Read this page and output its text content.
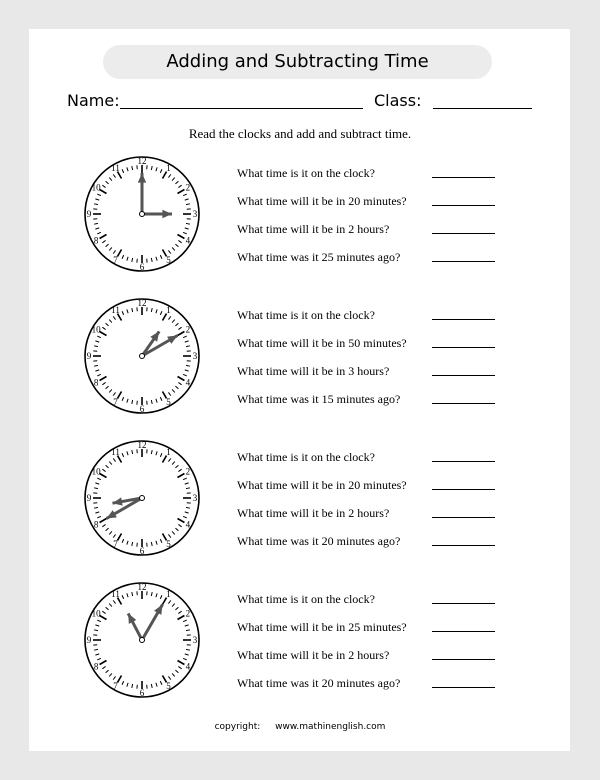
Adding and Subtracting Time
Name:	Class:
Read the clocks and add and subtract time.
12
1
2
3
4
5
6
7
8
9
10
11	What time is it on the clock?
What time will it be in 20 minutes?
What time will it be in 2 hours?
What time was it 25 minutes ago?
12
1
2
3
4
5
6
7
8
9
10
11	What time is it on the clock?
What time will it be in 50 minutes?
What time will it be in 3 hours?
What time was it 15 minutes ago?
12
1
2
3
4
5
6
7
8
9
10
11	What time is it on the clock?
What time will it be in 20 minutes?
What time will it be in 2 hours?
What time was it 20 minutes ago?
12
1
2
3
4
5
6
7
8
9
10
11	What time is it on the clock?
What time will it be in 25 minutes?
What time will it be in 2 hours?
What time was it 20 minutes ago?
copyright: www.mathinenglish.com
